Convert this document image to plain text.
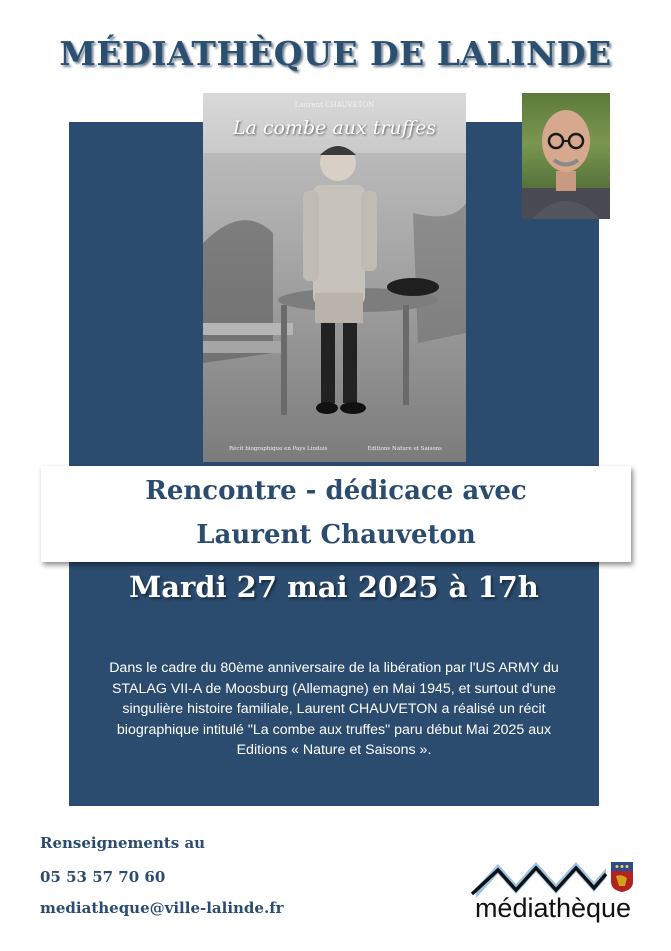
MÉDIATHÈQUE DE LALINDE
Laurent CHAUVETON
La combe aux truffes
Récit biographique en Pays Lindois	Editions Nature et Saisons
Rencontre - dédicace avec
Laurent Chauveton
Mardi 27 mai 2025 à 17h
Dans le cadre du 80ème anniversaire de la libération par l'US ARMY du STALAG VII-A de Moosburg (Allemagne) en Mai 1945, et surtout d'une singulière histoire familiale, Laurent CHAUVETON a réalisé un récit biographique intitulé "La combe aux truffes" paru début Mai 2025 aux Editions « Nature et Saisons ».
Renseignements au
05 53 57 70 60
mediatheque@ville-lalinde.fr	médiathèque
